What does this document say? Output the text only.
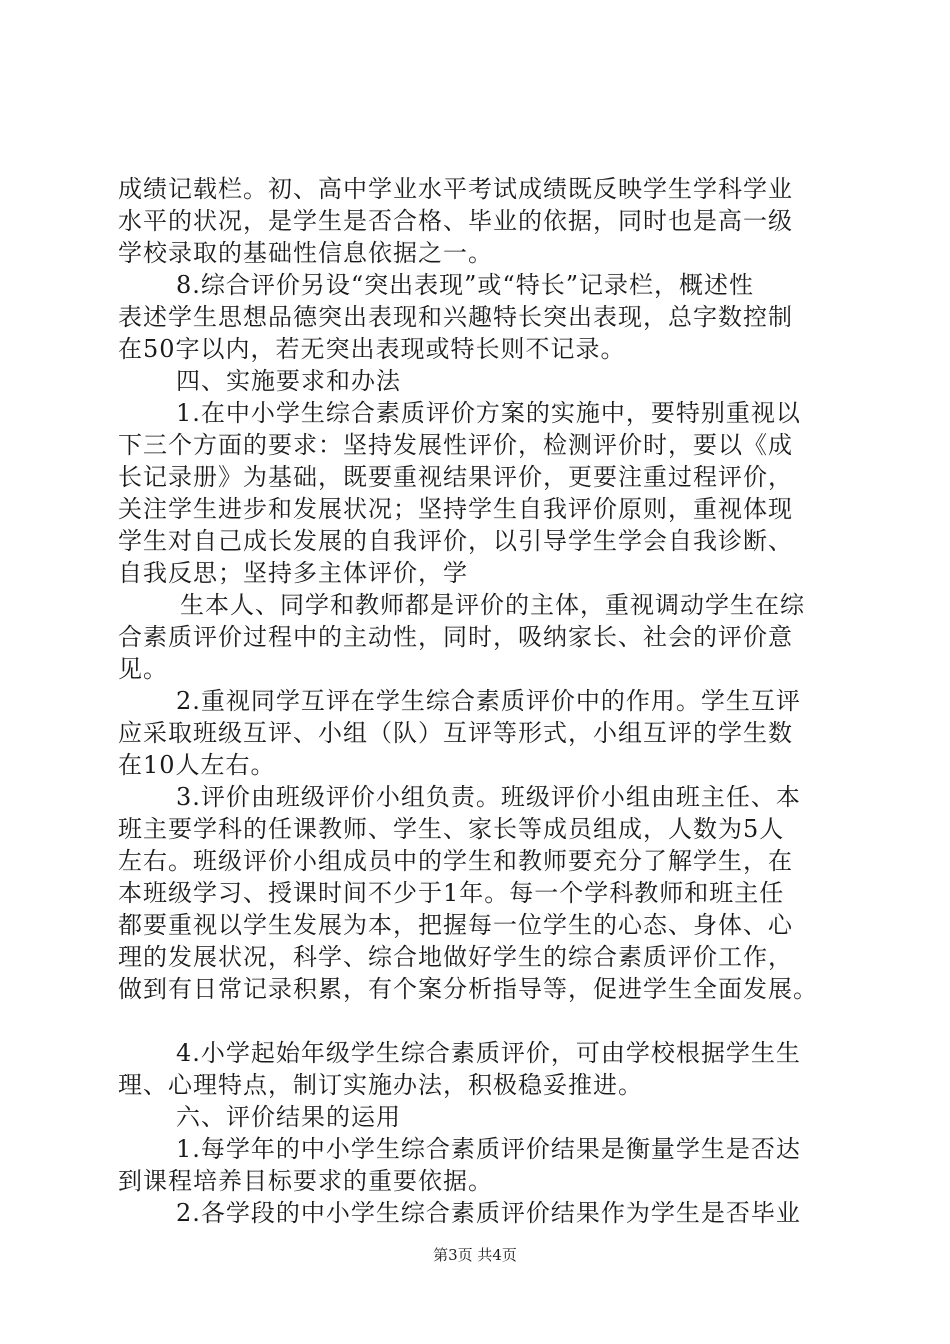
成绩记载栏。初、高中学业水平考试成绩既反映学生学科学业
水平的状况，是学生是否合格、毕业的依据，同时也是高一级
学校录取的基础性信息依据之一。
8.综合评价另设“突出表现”或“特长”记录栏，概述性
表述学生思想品德突出表现和兴趣特长突出表现，总字数控制
在50字以内，若无突出表现或特长则不记录。
四、实施要求和办法
1.在中小学生综合素质评价方案的实施中，要特别重视以
下三个方面的要求：坚持发展性评价，检测评价时，要以《成
长记录册》为基础，既要重视结果评价，更要注重过程评价，
关注学生进步和发展状况；坚持学生自我评价原则，重视体现
学生对自己成长发展的自我评价，以引导学生学会自我诊断、
自我反思；坚持多主体评价，学
生本人、同学和教师都是评价的主体，重视调动学生在综
合素质评价过程中的主动性，同时，吸纳家长、社会的评价意
见。
2.重视同学互评在学生综合素质评价中的作用。学生互评
应采取班级互评、小组（队）互评等形式，小组互评的学生数
在10人左右。
3.评价由班级评价小组负责。班级评价小组由班主任、本
班主要学科的任课教师、学生、家长等成员组成，人数为5人
左右。班级评价小组成员中的学生和教师要充分了解学生，在
本班级学习、授课时间不少于1年。每一个学科教师和班主任
都要重视以学生发展为本，把握每一位学生的心态、身体、心
理的发展状况，科学、综合地做好学生的综合素质评价工作，
做到有日常记录积累，有个案分析指导等，促进学生全面发展。
4.小学起始年级学生综合素质评价，可由学校根据学生生
理、心理特点，制订实施办法，积极稳妥推进。
六、评价结果的运用
1.每学年的中小学生综合素质评价结果是衡量学生是否达
到课程培养目标要求的重要依据。
2.各学段的中小学生综合素质评价结果作为学生是否毕业
第3页 共4页
